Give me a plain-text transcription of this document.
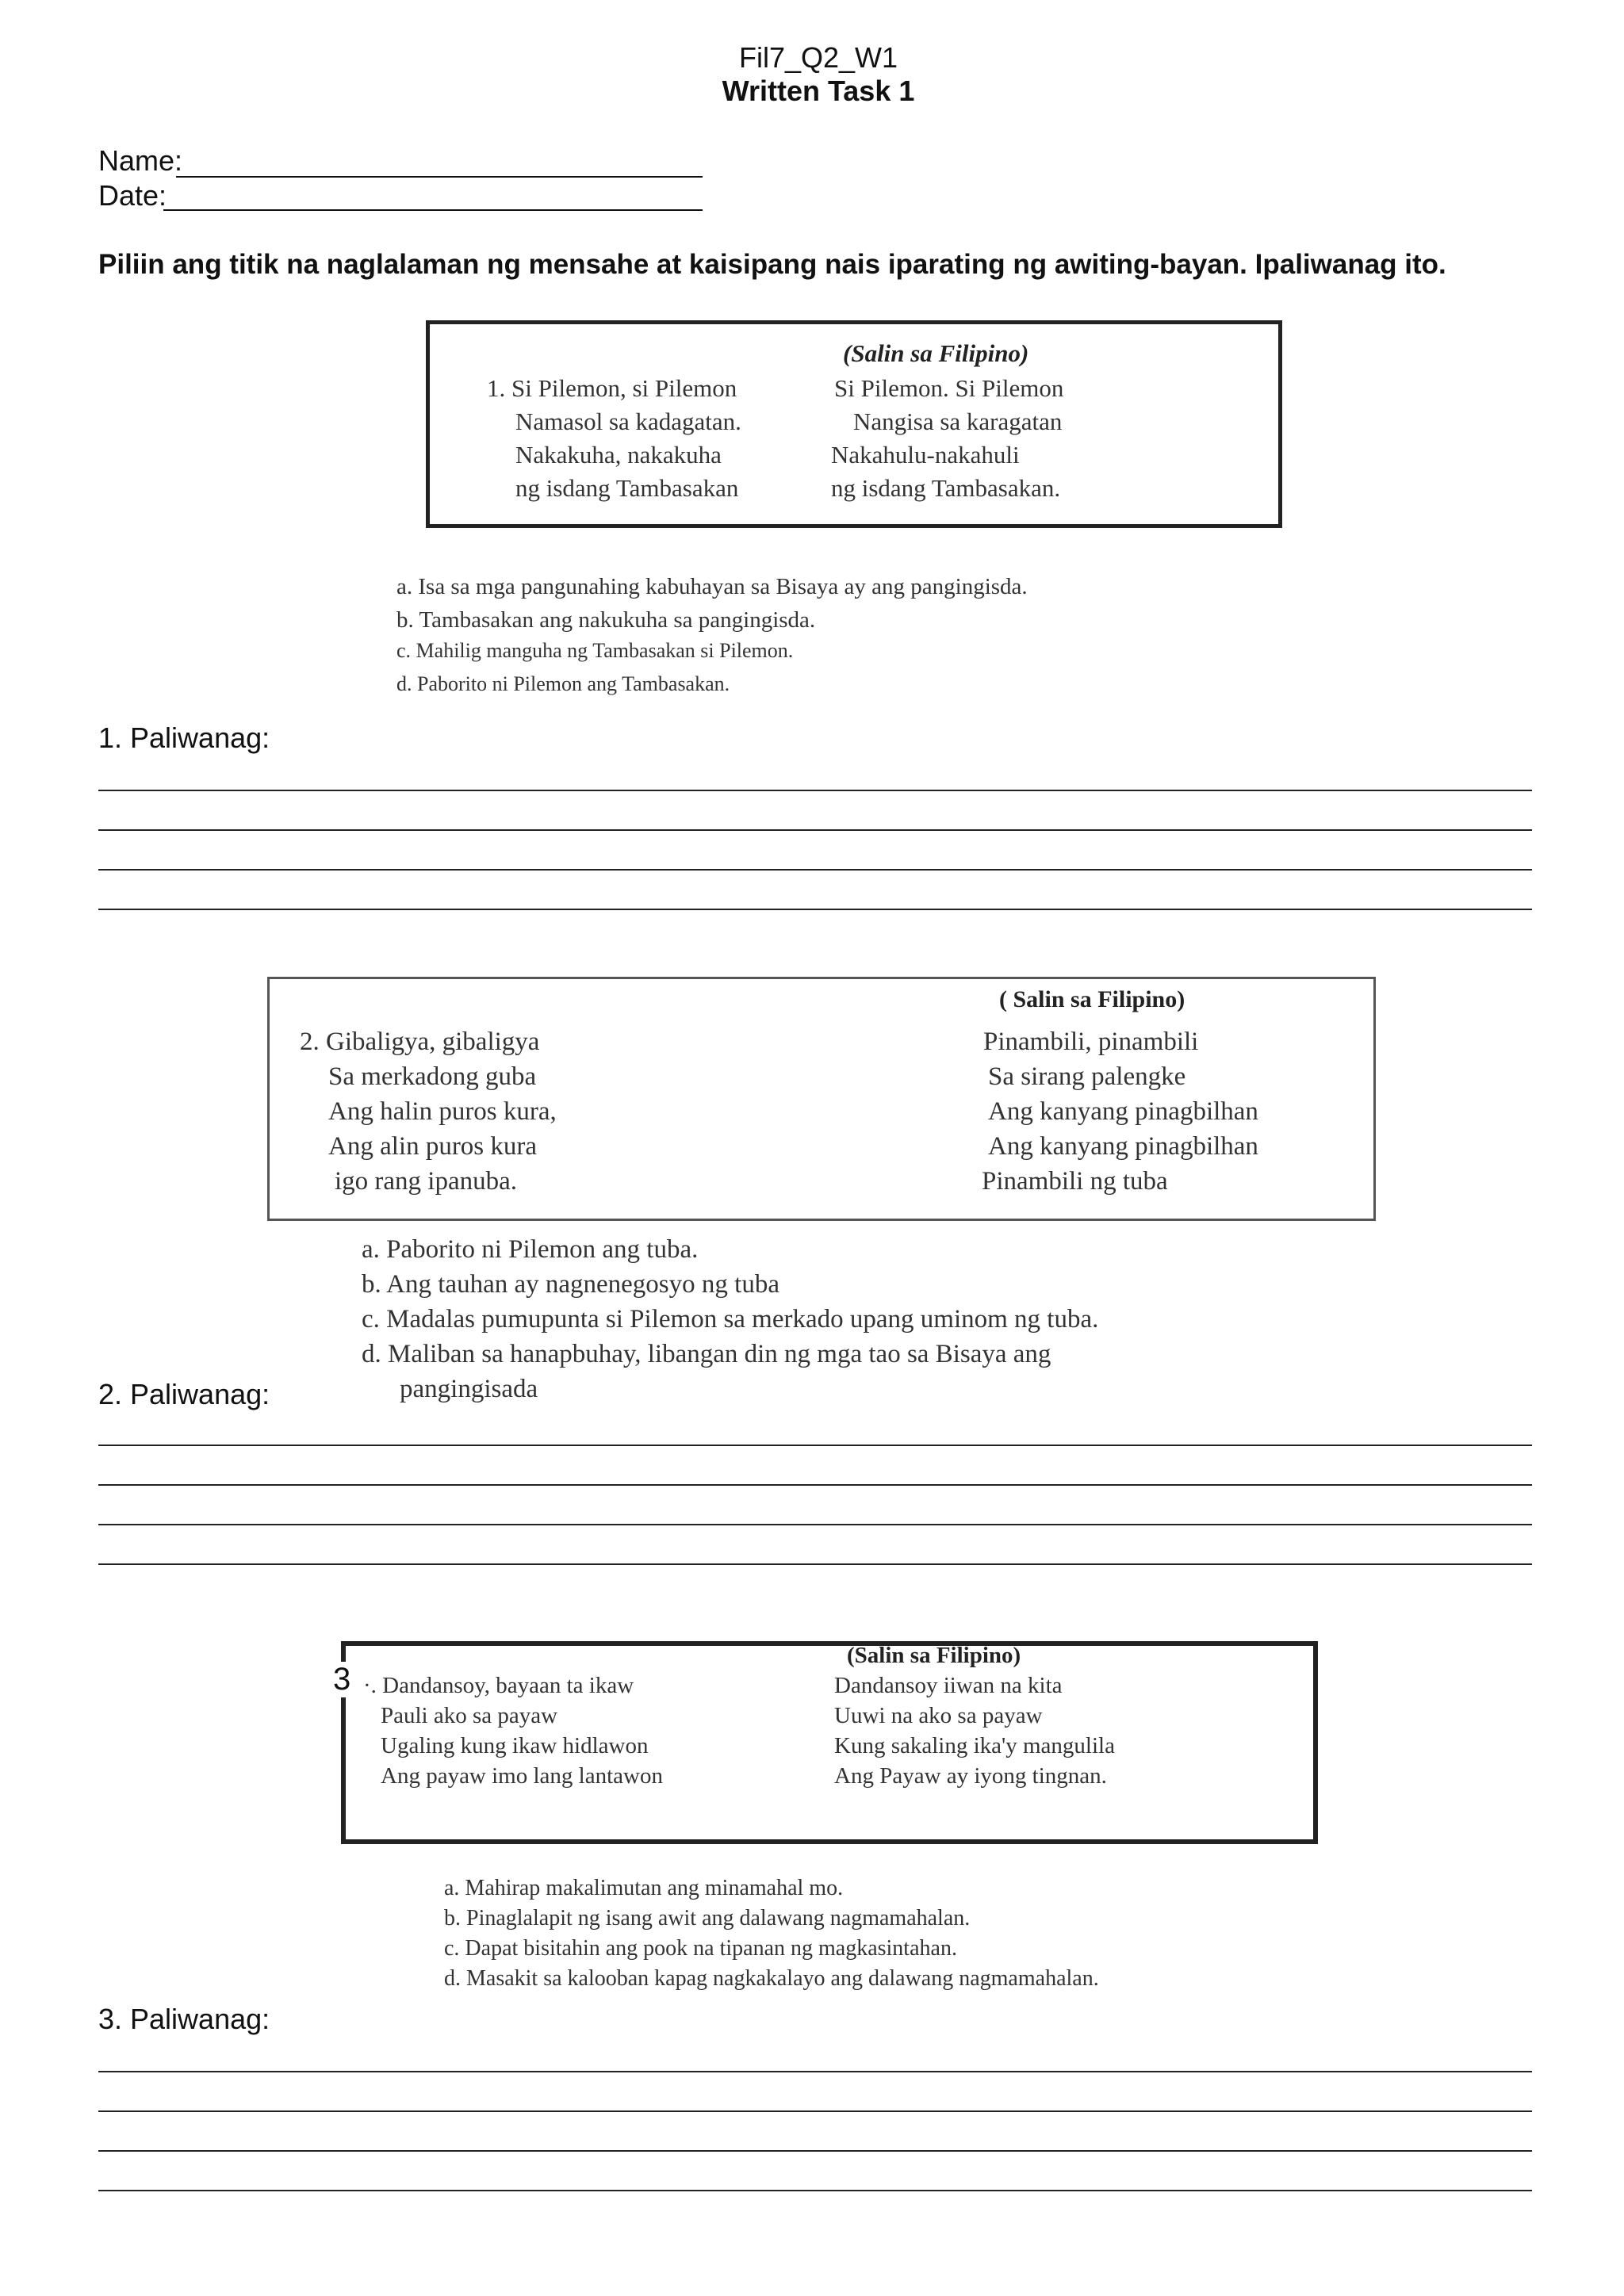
Fil7_Q2_W1
Written Task 1
Name:
Date:
Piliin ang titik na naglalaman ng mensahe at kaisipang nais iparating ng awiting-bayan. Ipaliwanag ito.
(Salin sa Filipino)
1. Si Pilemon, si Pilemon
Namasol sa kadagatan.
Nakakuha, nakakuha
ng isdang Tambasakan
Si Pilemon. Si Pilemon
Nangisa sa karagatan
Nakahulu-nakahuli
ng isdang Tambasakan.
a. Isa sa mga pangunahing kabuhayan sa Bisaya ay ang pangingisda.
b. Tambasakan ang nakukuha sa pangingisda.
c. Mahilig manguha ng Tambasakan si Pilemon.
d. Paborito ni Pilemon ang Tambasakan.
1. Paliwanag:
( Salin sa Filipino)
2. Gibaligya, gibaligya
Sa merkadong guba
Ang halin puros kura,
Ang alin puros kura
igo rang ipanuba.
Pinambili, pinambili
Sa sirang palengke
Ang kanyang pinagbilhan
Ang kanyang pinagbilhan
Pinambili ng tuba
a. Paborito ni Pilemon ang tuba.
b. Ang tauhan ay nagnenegosyo ng tuba
c. Madalas pumupunta si Pilemon sa merkado upang uminom ng tuba.
d. Maliban sa hanapbuhay, libangan din ng mga tao sa Bisaya ang
pangingisada
2. Paliwanag:
3
(Salin sa Filipino)
·. Dandansoy, bayaan ta ikaw
Pauli ako sa payaw
Ugaling kung ikaw hidlawon
Ang payaw imo lang lantawon
Dandansoy iiwan na kita
Uuwi na ako sa payaw
Kung sakaling ika'y mangulila
Ang Payaw ay iyong tingnan.
a. Mahirap makalimutan ang minamahal mo.
b. Pinaglalapit ng isang awit ang dalawang nagmamahalan.
c. Dapat bisitahin ang pook na tipanan ng magkasintahan.
d. Masakit sa kalooban kapag nagkakalayo ang dalawang nagmamahalan.
3. Paliwanag:
